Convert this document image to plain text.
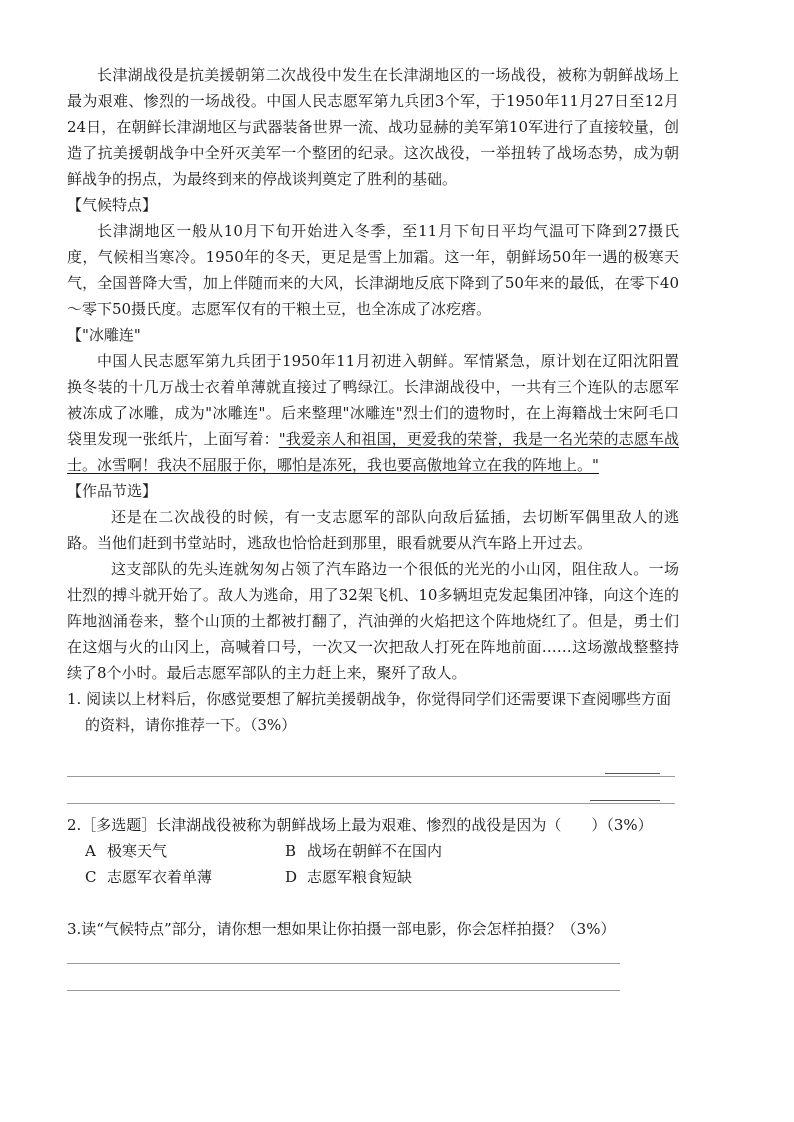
长津湖战役是抗美援朝第二次战役中发生在长津湖地区的一场战役，被称为朝鲜战场上最为艰难、惨烈的一场战役。中国人民志愿军第九兵团3个军，于1950年11月27日至12月24日，在朝鲜长津湖地区与武器装备世界一流、战功显赫的美军第10军进行了直接较量，创造了抗美援朝战争中全歼灭美军一个整团的纪录。这次战役，一举扭转了战场态势，成为朝鲜战争的拐点，为最终到来的停战谈判奠定了胜利的基础。

【气候特点】

长津湖地区一般从10月下旬开始进入冬季，至11月下旬日平均气温可下降到27摄氏度，气候相当寒冷。1950年的冬天，更足是雪上加霜。这一年，朝鲜场50年一遇的极寒天气，全国普降大雪，加上伴随而来的大风，长津湖地反底下降到了50年来的最低，在零下40～零下50摄氏度。志愿军仅有的干粮土豆，也全冻成了冰疙瘩。

【"冰雕连"

中国人民志愿军第九兵团于1950年11月初进入朝鲜。军情紧急，原计划在辽阳沈阳置换冬装的十几万战士衣着单薄就直接过了鸭绿江。长津湖战役中，一共有三个连队的志愿军被冻成了冰雕，成为"冰雕连"。后来整理"冰雕连"烈士们的遗物时，在上海籍战士宋阿毛口袋里发现一张纸片，上面写着："我爱亲人和祖国，更爱我的荣誉，我是一名光荣的志愿车战士。冰雪啊！我决不屈服于你，哪怕是冻死，我也要高傲地耸立在我的阵地上。"

【作品节选】

还是在二次战役的时候，有一支志愿军的部队向敌后猛插，去切断军偶里敌人的逃路。当他们赶到书堂站时，逃敌也恰恰赶到那里，眼看就要从汽车路上开过去。

这支部队的先头连就匆匆占领了汽车路边一个很低的光光的小山冈，阻住敌人。一场壮烈的搏斗就开始了。敌人为逃命，用了32架飞机、10多辆坦克发起集团冲锋，向这个连的阵地汹涌卷来，整个山顶的土都被打翻了，汽油弹的火焰把这个阵地烧红了。但是，勇士们在这烟与火的山冈上，高喊着口号，一次又一次把敌人打死在阵地前面……这场激战整整持续了8个小时。最后志愿军部队的主力赶上来，聚歼了敌人。

1. 阅读以上材料后，你感觉要想了解抗美援朝战争，你觉得同学们还需要课下查阅哪些方面的资料，请你推荐一下。（3%）

2.［多选题］长津湖战役被称为朝鲜战场上最为艰难、惨烈的战役是因为（　　）（3%）

A 极寒天气	B 战场在朝鲜不在国内
C 志愿军衣着单薄	D 志愿军粮食短缺

3.读“气候特点”部分，请你想一想如果让你拍摄一部电影，你会怎样拍摄？（3%）
